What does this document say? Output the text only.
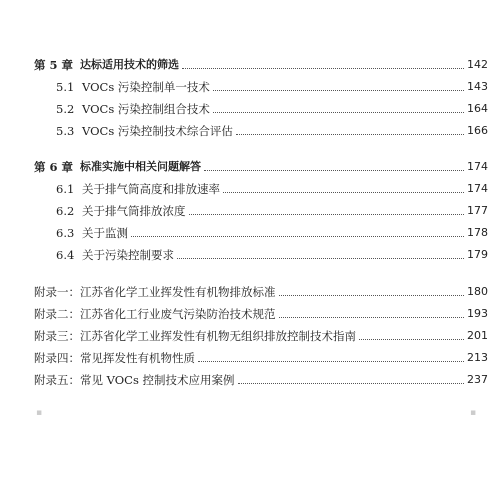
第 5 章 达标适用技术的筛选	142
5.1 VOCs 污染控制单一技术	143
5.2 VOCs 污染控制组合技术	164
5.3 VOCs 污染控制技术综合评估	166
第 6 章 标准实施中相关问题解答	174
6.1 关于排气筒高度和排放速率	174
6.2 关于排气筒排放浓度	177
6.3 关于监测	178
6.4 关于污染控制要求	179
附录一：江苏省化学工业挥发性有机物排放标准	180
附录二：江苏省化工行业废气污染防治技术规范	193
附录三：江苏省化学工业挥发性有机物无组织排放控制技术指南	201
附录四：常见挥发性有机物性质	213
附录五：常见 VOCs 控制技术应用案例	237
▪	▪
